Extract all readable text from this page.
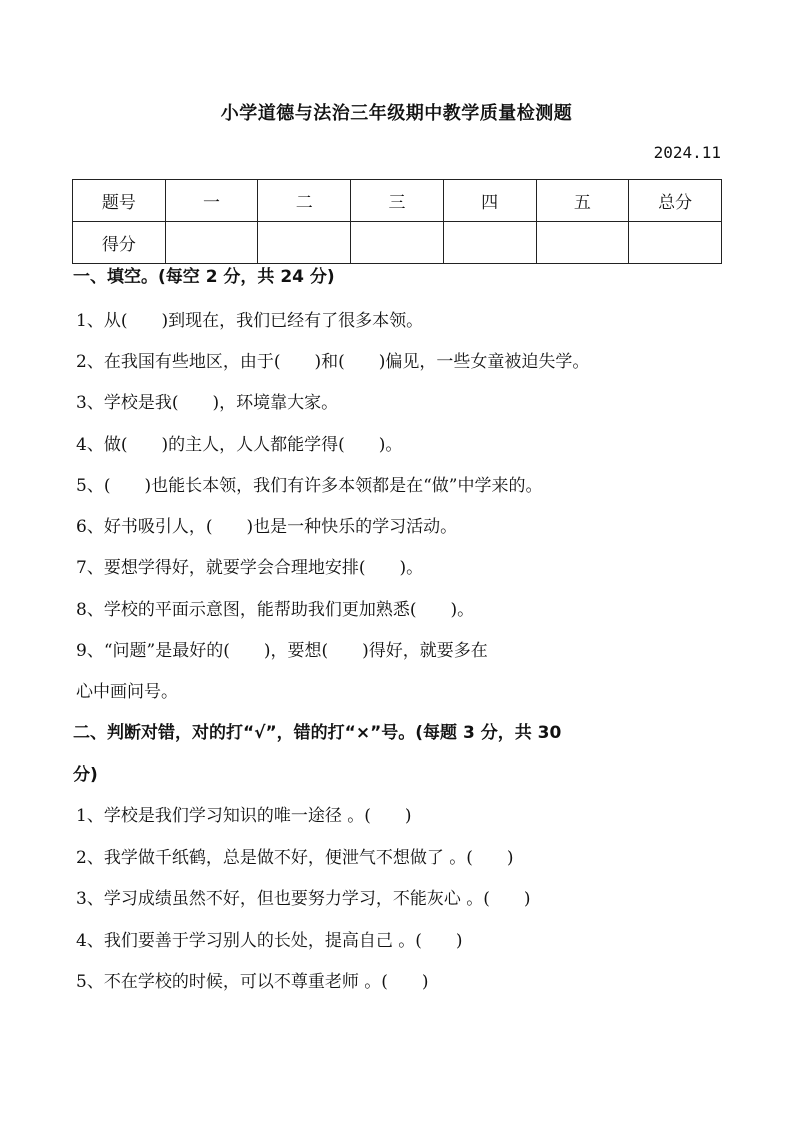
小学道德与法治三年级期中教学质量检测题
2024.11
题号	一	二	三	四	五	总分
得分						
一、填空。(每空 2 分，共 24 分)
1、从(　　)到现在，我们已经有了很多本领。
2、在我国有些地区，由于(　　)和(　　)偏见，一些女童被迫失学。
3、学校是我(　　)，环境靠大家。
4、做(　　)的主人，人人都能学得(　　)。
5、(　　)也能长本领，我们有许多本领都是在“做”中学来的。
6、好书吸引人，(　　)也是一种快乐的学习活动。
7、要想学得好，就要学会合理地安排(　　)。
8、学校的平面示意图，能帮助我们更加熟悉(　　)。
9、“问题”是最好的(　　)，要想(　　)得好，就要多在
心中画问号。
二、判断对错，对的打“√”，错的打“×”号。(每题 3 分，共 30
分)
1、学校是我们学习知识的唯一途径 。(　　)
2、我学做千纸鹤，总是做不好，便泄气不想做了 。(　　)
3、学习成绩虽然不好，但也要努力学习，不能灰心 。(　　)
4、我们要善于学习别人的长处，提高自己 。(　　)
5、不在学校的时候，可以不尊重老师 。(　　)
